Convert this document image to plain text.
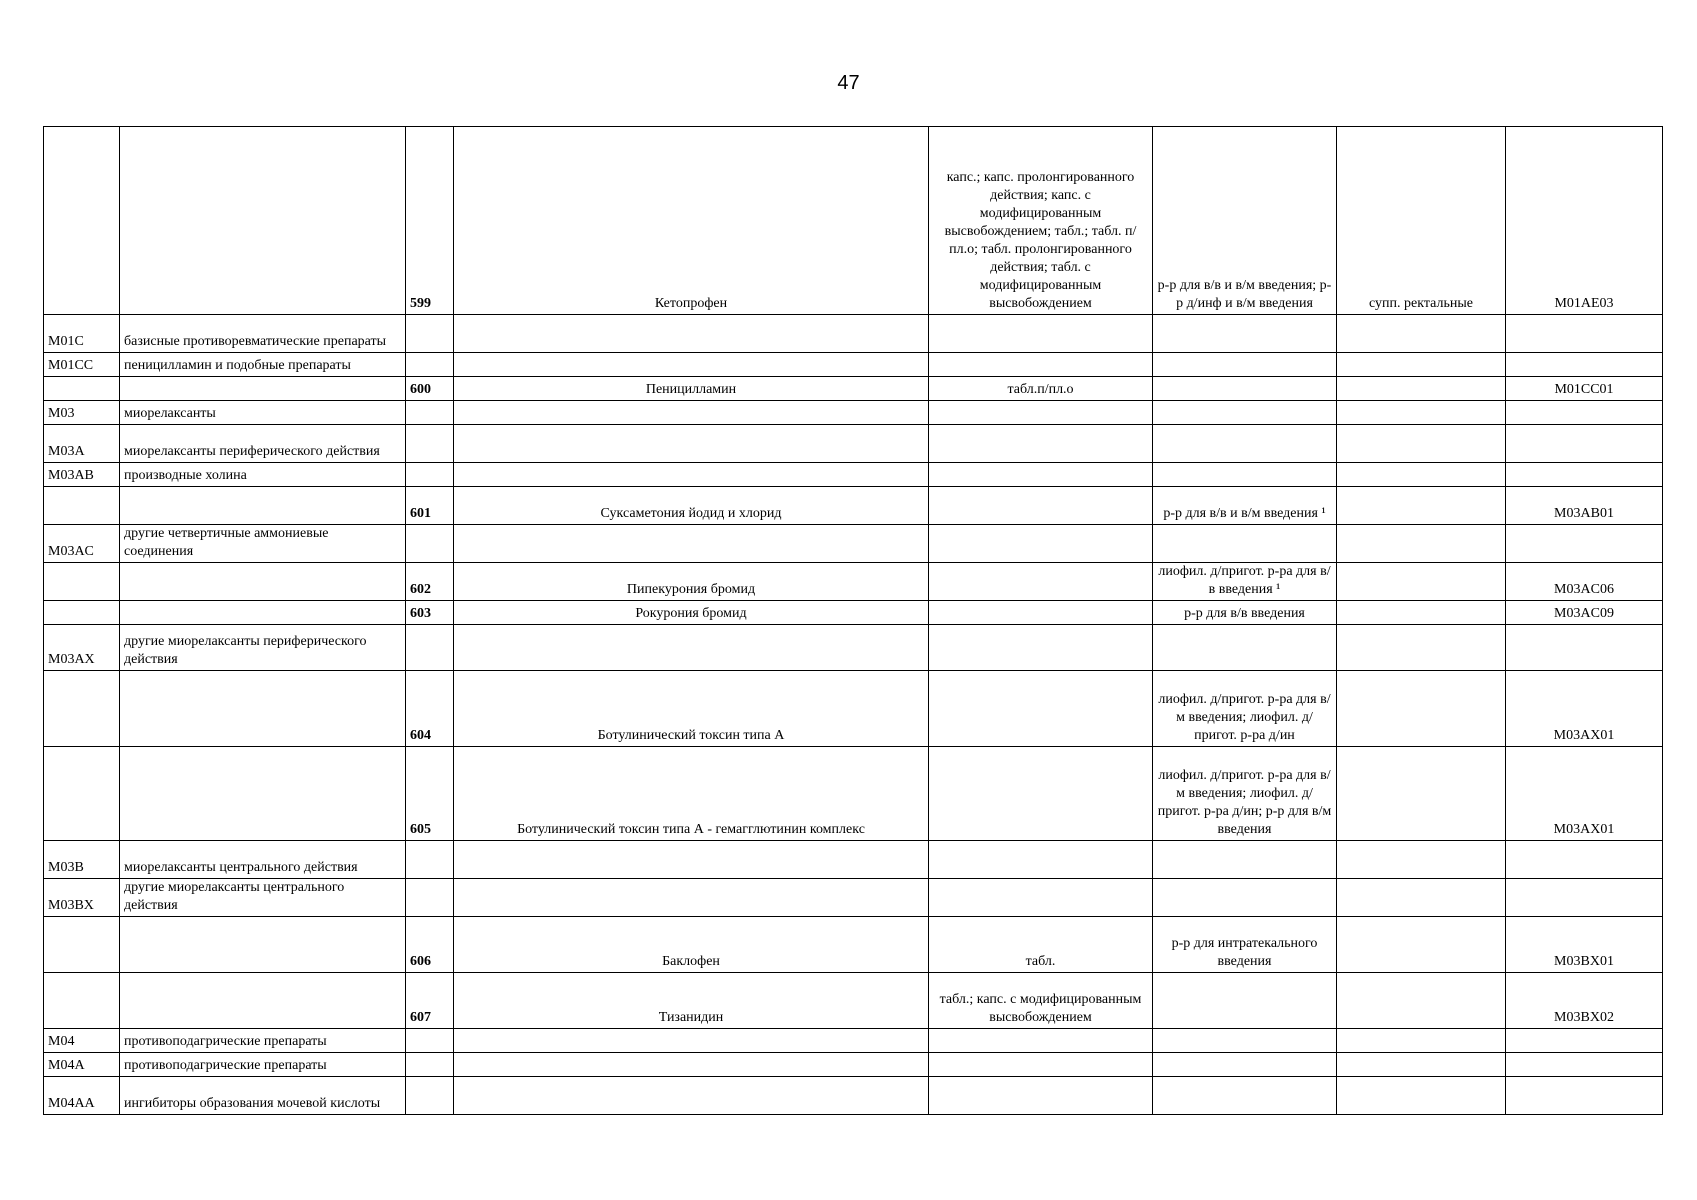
47
		599	Кетопрофен	капс.; капс. пролонгированного действия; капс. с модифицированным высвобождением; табл.; табл. п/пл.о; табл. пролонгированного действия; табл. с модифицированным высвобождением	р-р для в/в и в/м введения; р-р д/инф и в/м введения	супп. ректальные	M01AE03
M01C	базисные противоревматические препараты						
M01CC	пеницилламин и подобные препараты						
		600	Пеницилламин	табл.п/пл.о			M01CC01
M03	миорелаксанты						
M03A	миорелаксанты периферического действия						
M03AB	производные холина						
		601	Суксаметония йодид и хлорид		р-р для в/в и в/м введения ¹		M03AB01
M03AC	другие четвертичные аммониевые соединения						
		602	Пипекурония бромид		лиофил. д/пригот. р-ра для в/в введения ¹		M03AC06
		603	Рокурония бромид		р-р для в/в введения		M03AC09
M03AX	другие миорелаксанты периферического действия						
		604	Ботулинический токсин типа А		лиофил. д/пригот. р-ра для в/м введения; лиофил. д/пригот. р-ра д/ин		M03AX01
		605	Ботулинический токсин типа А - гемагглютинин комплекс		лиофил. д/пригот. р-ра для в/м введения; лиофил. д/пригот. р-ра д/ин; р-р для в/м введения		M03AX01
M03B	миорелаксанты центрального действия						
M03BX	другие миорелаксанты центрального действия						
		606	Баклофен	табл.	р-р для интратекального введения		M03BX01
		607	Тизанидин	табл.; капс. с модифицированным высвобождением			M03BX02
M04	противоподагрические препараты						
M04A	противоподагрические препараты						
M04AA	ингибиторы образования мочевой кислоты						
